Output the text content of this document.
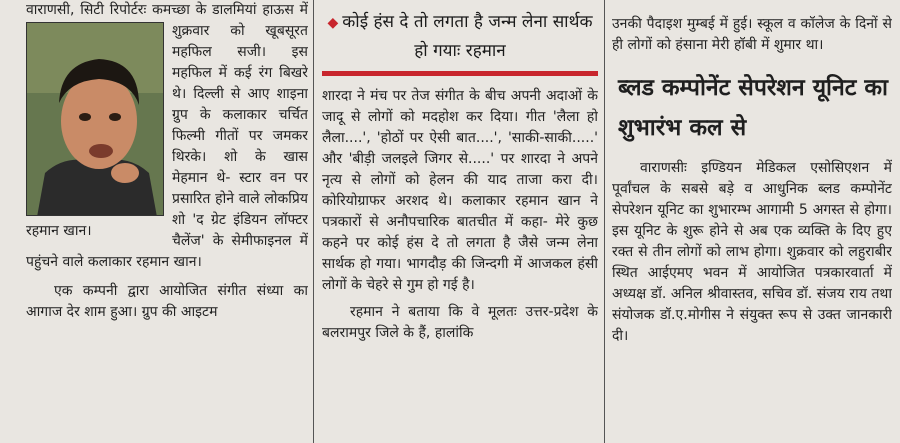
रहमान खान।
वाराणसी, सिटी रिपोर्टरः कमच्छा के डालमियां हाऊस में शुक्रवार को खूबसूरत महफिल सजी। इस महफिल में कई रंग बिखरे थे। दिल्ली से आए शाइना ग्रुप के कलाकार चर्चित फिल्मी गीतों पर जमकर थिरके। शो के खास मेहमान थे- स्टार वन पर प्रसारित होने वाले लोकप्रिय शो 'द ग्रेट इंडियन लॉफ्टर चैलेंज' के सेमीफाइनल में पहुंचने वाले कलाकार रहमान खान।
एक कम्पनी द्वारा आयोजित संगीत संध्या का आगाज देर शाम हुआ। ग्रुप की आइटम
◆ कोई हंस दे तो लगता है जन्म लेना सार्थक हो गयाः रहमान
शारदा ने मंच पर तेज संगीत के बीच अपनी अदाओं के जादू से लोगों को मदहोश कर दिया। गीत 'लैला हो लैला....', 'होठों पर ऐसी बात....', 'साकी-साकी.....' और 'बीड़ी जलइले जिगर से.....' पर शारदा ने अपने नृत्य से लोगों को हेलन की याद ताजा करा दी। कोरियोग्राफर अरशद थे। कलाकार रहमान खान ने पत्रकारों से अनौपचारिक बातचीत में कहा- मेरे कुछ कहने पर कोई हंस दे तो लगता है जैसे जन्म लेना सार्थक हो गया। भागदौड़ की जिन्दगी में आजकल हंसी लोगों के चेहरे से गुम हो गई है।
रहमान ने बताया कि वे मूलतः उत्तर-प्रदेश के बलरामपुर जिले के हैं, हालांकि
उनकी पैदाइश मुम्बई में हुई। स्कूल व कॉलेज के दिनों से ही लोगों को हंसाना मेरी हॉबी में शुमार था।
ब्लड कम्पोनेंट सेपरेशन यूनिट का शुभारंभ कल से
वाराणसीः इण्डियन मेडिकल एसोसिएशन में पूर्वांचल के सबसे बड़े व आधुनिक ब्लड कम्पोनेंट सेपरेशन यूनिट का शुभारम्भ आगामी 5 अगस्त से होगा। इस यूनिट के शुरू होने से अब एक व्यक्ति के दिए हुए रक्त से तीन लोगों को लाभ होगा। शुक्रवार को लहुराबीर स्थित आईएमए भवन में आयोजित पत्रकारवार्ता में अध्यक्ष डॉ. अनिल श्रीवास्तव, सचिव डॉ. संजय राय तथा संयोजक डॉ.ए.मोगीस ने संयुक्त रूप से उक्त जानकारी दी।
